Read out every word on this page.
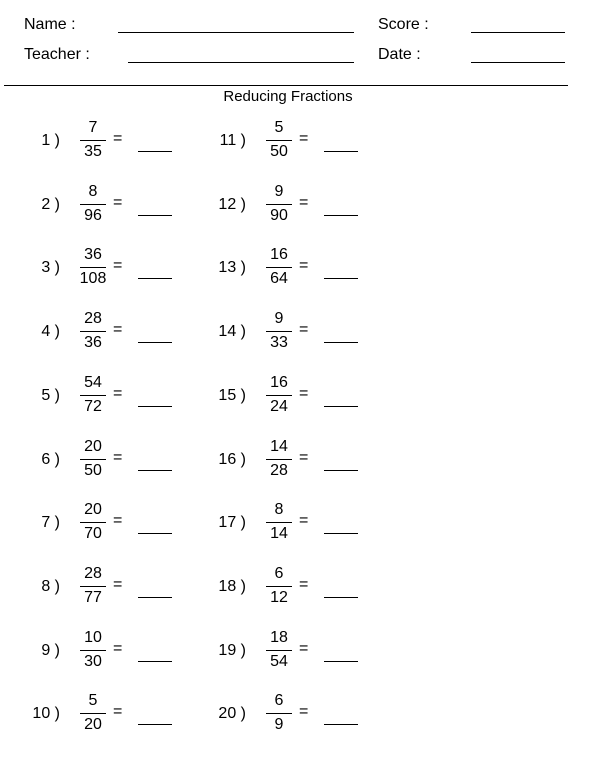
Name :
Teacher :
Score :
Date :
Reducing Fractions
1 )
7
35
=
2 )
8
96
=
3 )
36
108
=
4 )
28
36
=
5 )
54
72
=
6 )
20
50
=
7 )
20
70
=
8 )
28
77
=
9 )
10
30
=
10 )
5
20
=
11 )
5
50
=
12 )
9
90
=
13 )
16
64
=
14 )
9
33
=
15 )
16
24
=
16 )
14
28
=
17 )
8
14
=
18 )
6
12
=
19 )
18
54
=
20 )
6
9
=
